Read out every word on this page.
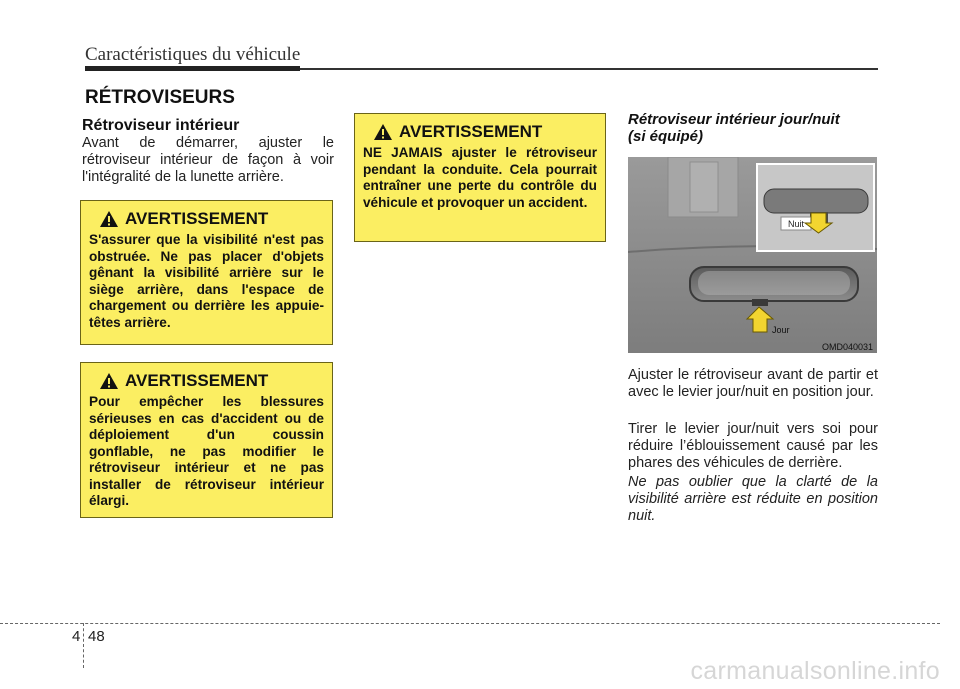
Caractéristiques du véhicule
RÉTROVISEURS
Rétroviseur intérieur
Avant de démarrer, ajuster le rétroviseur intérieur de façon à voir l'intégralité de la lunette arrière.
AVERTISSEMENT
S'assurer que la visibilité n'est pas obstruée. Ne pas placer d'objets gênant la visibilité arrière sur le siège arrière, dans l'espace de chargement ou derrière les appuie-têtes arrière.
AVERTISSEMENT
Pour empêcher les blessures sérieuses en cas d'accident ou de déploiement d'un coussin gonflable, ne pas modifier le rétroviseur intérieur et ne pas installer de rétroviseur intérieur élargi.
AVERTISSEMENT
NE JAMAIS ajuster le rétroviseur pendant la conduite. Cela pourrait entraîner une perte du contrôle du véhicule et provoquer un accident.
Rétroviseur intérieur jour/nuit
(si équipé)
Nuit
Jour
OMD040031
Ajuster le rétroviseur avant de partir et avec le levier jour/nuit en position jour.
Tirer le levier jour/nuit vers soi pour réduire l’éblouissement causé par les phares des véhicules de derrière.
Ne pas oublier que la clarté de la visibilité arrière est réduite en position nuit.
4 48
carmanualsonline.info
